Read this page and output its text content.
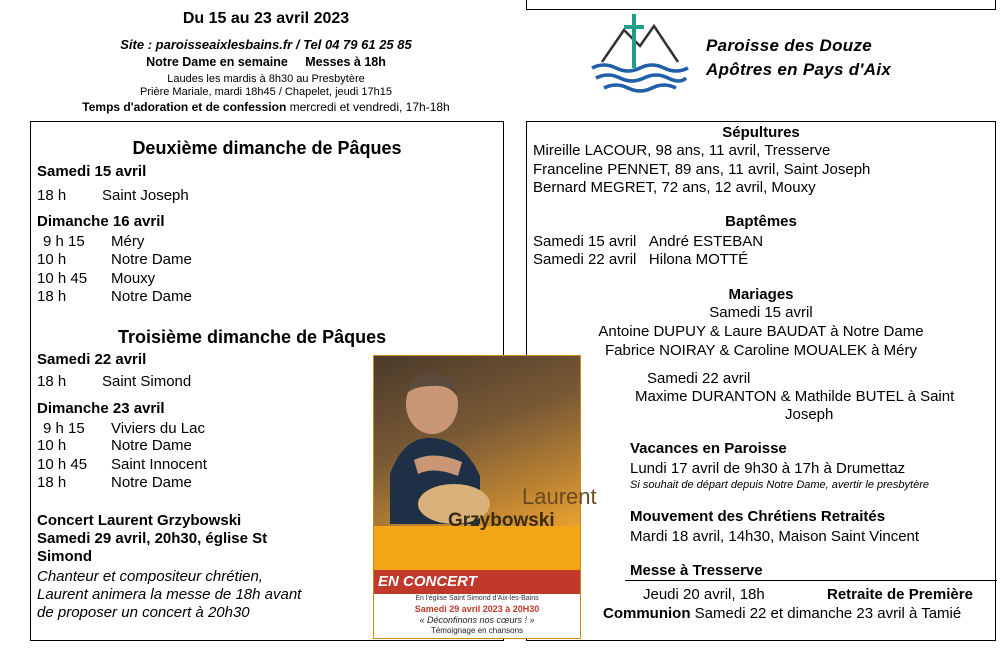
Du 15 au 23 avril 2023
Site : paroisseaixlesbains.fr / Tel 04 79 61 25 85
Notre Dame en semaine Messes à 18h
Laudes les mardis à 8h30 au Presbytère
Prière Mariale, mardi 18h45 / Chapelet, jeudi 17h15
Temps d'adoration et de confession mercredi et vendredi, 17h-18h
Paroisse des Douze
Apôtres en Pays d'Aix
Deuxième dimanche de Pâques
Samedi 15 avril
18 h Saint Joseph
Dimanche 16 avril
9 h 15 Méry
10 h	Notre Dame
10 h 45 Mouxy
18 h	Notre Dame
Troisième dimanche de Pâques
Samedi 22 avril
18 h Saint Simond
Dimanche 23 avril
9 h 15 Viviers du Lac
10 h	Notre Dame
10 h 45 Saint Innocent
18 h	Notre Dame
Concert Laurent Grzybowski
Samedi 29 avril, 20h30, église St
Simond
Chanteur et compositeur chrétien,
Laurent animera la messe de 18h avant
de proposer un concert à 20h30
Sépultures
Mireille LACOUR, 98 ans, 11 avril, Tresserve
Franceline PENNET, 89 ans, 11 avril, Saint Joseph
Bernard MEGRET, 72 ans, 12 avril, Mouxy
Baptêmes
Samedi 15 avril André ESTEBAN
Samedi 22 avril Hilona MOTTÉ
Mariages
Samedi 15 avril
Antoine DUPUY & Laure BAUDAT à Notre Dame
Fabrice NOIRAY & Caroline MOUALEK à Méry
Samedi 22 avril
Maxime DURANTON & Mathilde BUTEL à Saint
Joseph
Vacances en Paroisse
Lundi 17 avril de 9h30 à 17h à Drumettaz
Si souhait de départ depuis Notre Dame, avertir le presbytère
Mouvement des Chrétiens Retraités
Mardi 18 avril, 14h30, Maison Saint Vincent
Messe à Tresserve
Jeudi 20 avril, 18h	Retraite de Première
Communion Samedi 22 et dimanche 23 avril à Tamié
Laurent
Grzybowski
EN CONCERT
En l'église Saint Simond d'Aix-les-Bains
Samedi 29 avril 2023 à 20H30
« Déconfinons nos cœurs ! »
Témoignage en chansons
